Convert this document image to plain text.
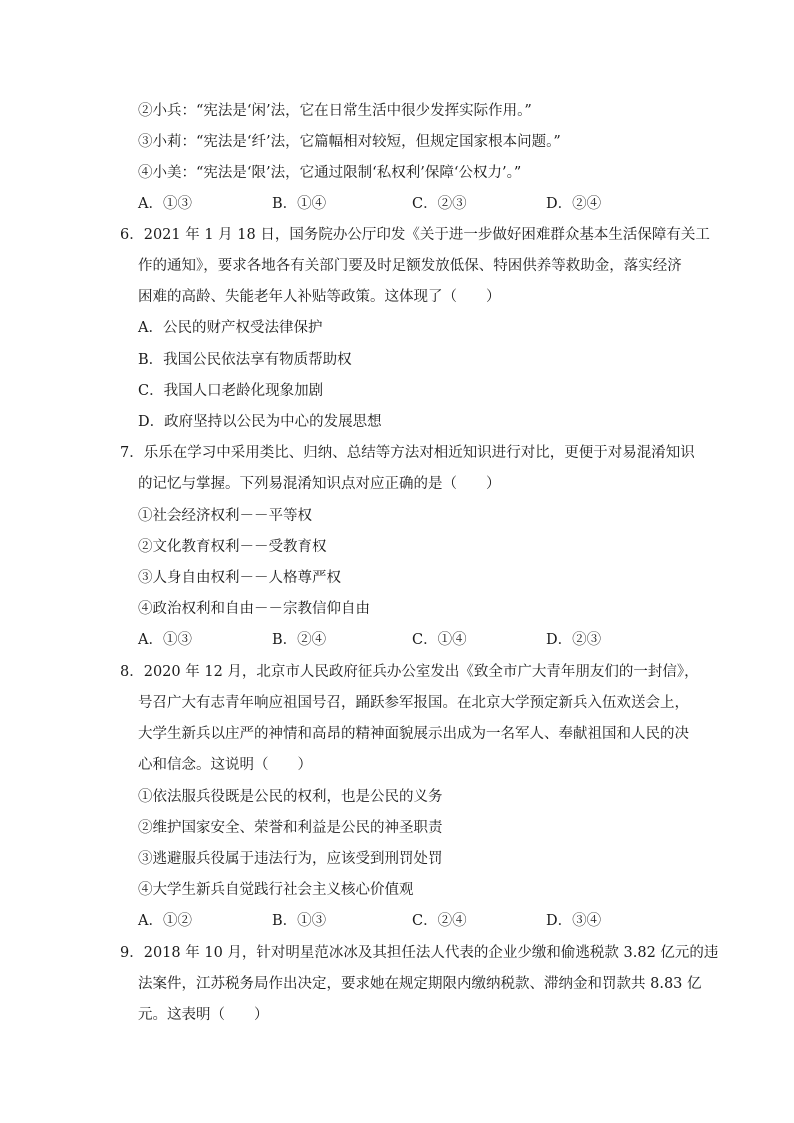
②小兵：“宪法是‘闲’法，它在日常生活中很少发挥实际作用。”
③小莉：“宪法是‘纤’法，它篇幅相对较短，但规定国家根本问题。”
④小美：“宪法是‘限’法，它通过限制‘私权利’保障‘公权力’。”
A．①③	B．①④	C．②③	D．②④
6．2021 年 1 月 18 日，国务院办公厅印发《关于进一步做好困难群众基本生活保障有关工
作的通知》，要求各地各有关部门要及时足额发放低保、特困供养等救助金，落实经济
困难的高龄、失能老年人补贴等政策。这体现了（　　）
A．公民的财产权受法律保护
B．我国公民依法享有物质帮助权
C．我国人口老龄化现象加剧
D．政府坚持以公民为中心的发展思想
7．乐乐在学习中采用类比、归纳、总结等方法对相近知识进行对比，更便于对易混淆知识
的记忆与掌握。下列易混淆知识点对应正确的是（　　）
①社会经济权利－－平等权
②文化教育权利－－受教育权
③人身自由权利－－人格尊严权
④政治权利和自由－－宗教信仰自由
A．①③	B．②④	C．①④	D．②③
8．2020 年 12 月，北京市人民政府征兵办公室发出《致全市广大青年朋友们的一封信》，
号召广大有志青年响应祖国号召，踊跃参军报国。在北京大学预定新兵入伍欢送会上，
大学生新兵以庄严的神情和高昂的精神面貌展示出成为一名军人、奉献祖国和人民的决
心和信念。这说明（　　）
①依法服兵役既是公民的权利，也是公民的义务
②维护国家安全、荣誉和利益是公民的神圣职责
③逃避服兵役属于违法行为，应该受到刑罚处罚
④大学生新兵自觉践行社会主义核心价值观
A．①②	B．①③	C．②④	D．③④
9．2018 年 10 月，针对明星范冰冰及其担任法人代表的企业少缴和偷逃税款 3.82 亿元的违
法案件，江苏税务局作出决定，要求她在规定期限内缴纳税款、滞纳金和罚款共 8.83 亿
元。这表明（　　）
